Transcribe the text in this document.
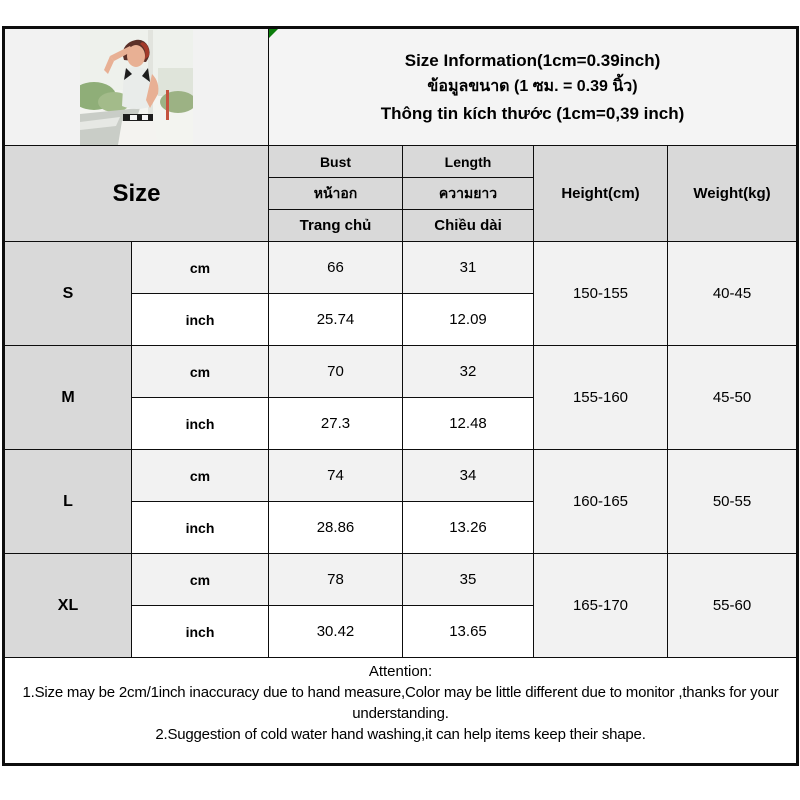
Size Information(1cm=0.39inch)
ข้อมูลขนาด (1 ซม. = 0.39 นิ้ว)
Thông tin kích thước (1cm=0,39 inch)			

Size		Bust	Length	Height(cm)	Weight(kg)
		หน้าอก	ความยาว		
		Trang chủ	Chiều dài		
S	cm	66	31	150-155	40-45
	inch	25.74	12.09		
M	cm	70	32	155-160	45-50
	inch	27.3	12.48		
L	cm	74	34	160-165	50-55
	inch	28.86	13.26		
XL	cm	78	35	165-170	55-60
	inch	30.42	13.65		

Attention:
1.Size may be 2cm/1inch inaccuracy due to hand measure,Color may be little different due to monitor ,thanks for your understanding.
2.Suggestion of cold water hand washing,it can help items keep their shape.					
